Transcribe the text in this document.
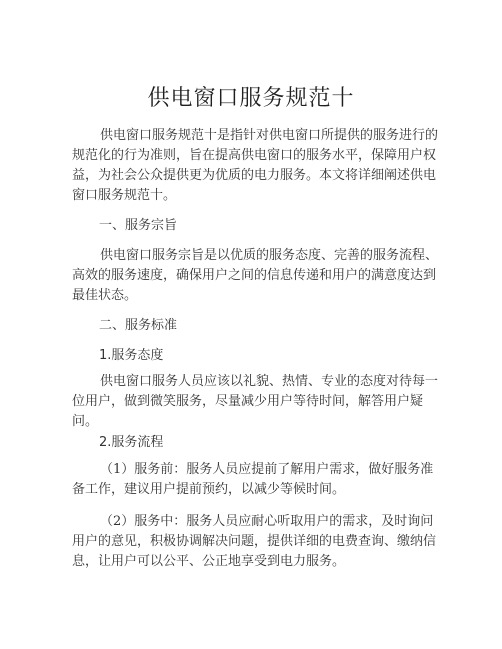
供电窗口服务规范十
供电窗口服务规范十是指针对供电窗口所提供的服务进行的规范化的行为准则，旨在提高供电窗口的服务水平，保障用户权益，为社会公众提供更为优质的电力服务。本文将详细阐述供电窗口服务规范十。
一、服务宗旨
供电窗口服务宗旨是以优质的服务态度、完善的服务流程、高效的服务速度，确保用户之间的信息传递和用户的满意度达到最佳状态。
二、服务标准
1.服务态度
供电窗口服务人员应该以礼貌、热情、专业的态度对待每一位用户，做到微笑服务，尽量减少用户等待时间，解答用户疑问。
2.服务流程
（1）服务前：服务人员应提前了解用户需求，做好服务准备工作，建议用户提前预约，以减少等候时间。
（2）服务中：服务人员应耐心听取用户的需求，及时询问用户的意见，积极协调解决问题，提供详细的电费查询、缴纳信息，让用户可以公平、公正地享受到电力服务。
